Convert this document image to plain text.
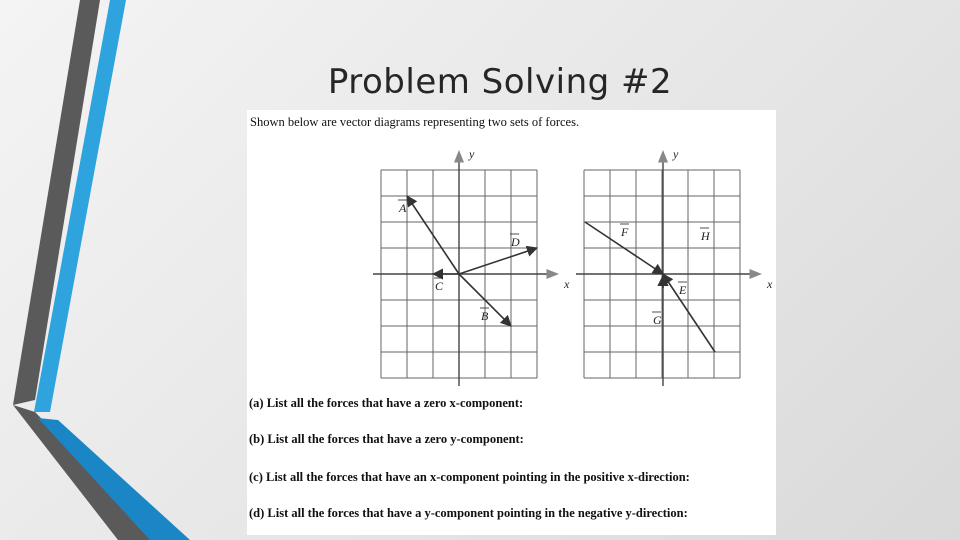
Problem Solving #2
Shown below are vector diagrams representing two sets of forces.
x
y
x
y
A
B
C
D
E
F
G
H
(a) List all the forces that have a zero x-component:
(b) List all the forces that have a zero y-component:
(c) List all the forces that have an x-component pointing in the positive x-direction:
(d) List all the forces that have a y-component pointing in the negative y-direction:
